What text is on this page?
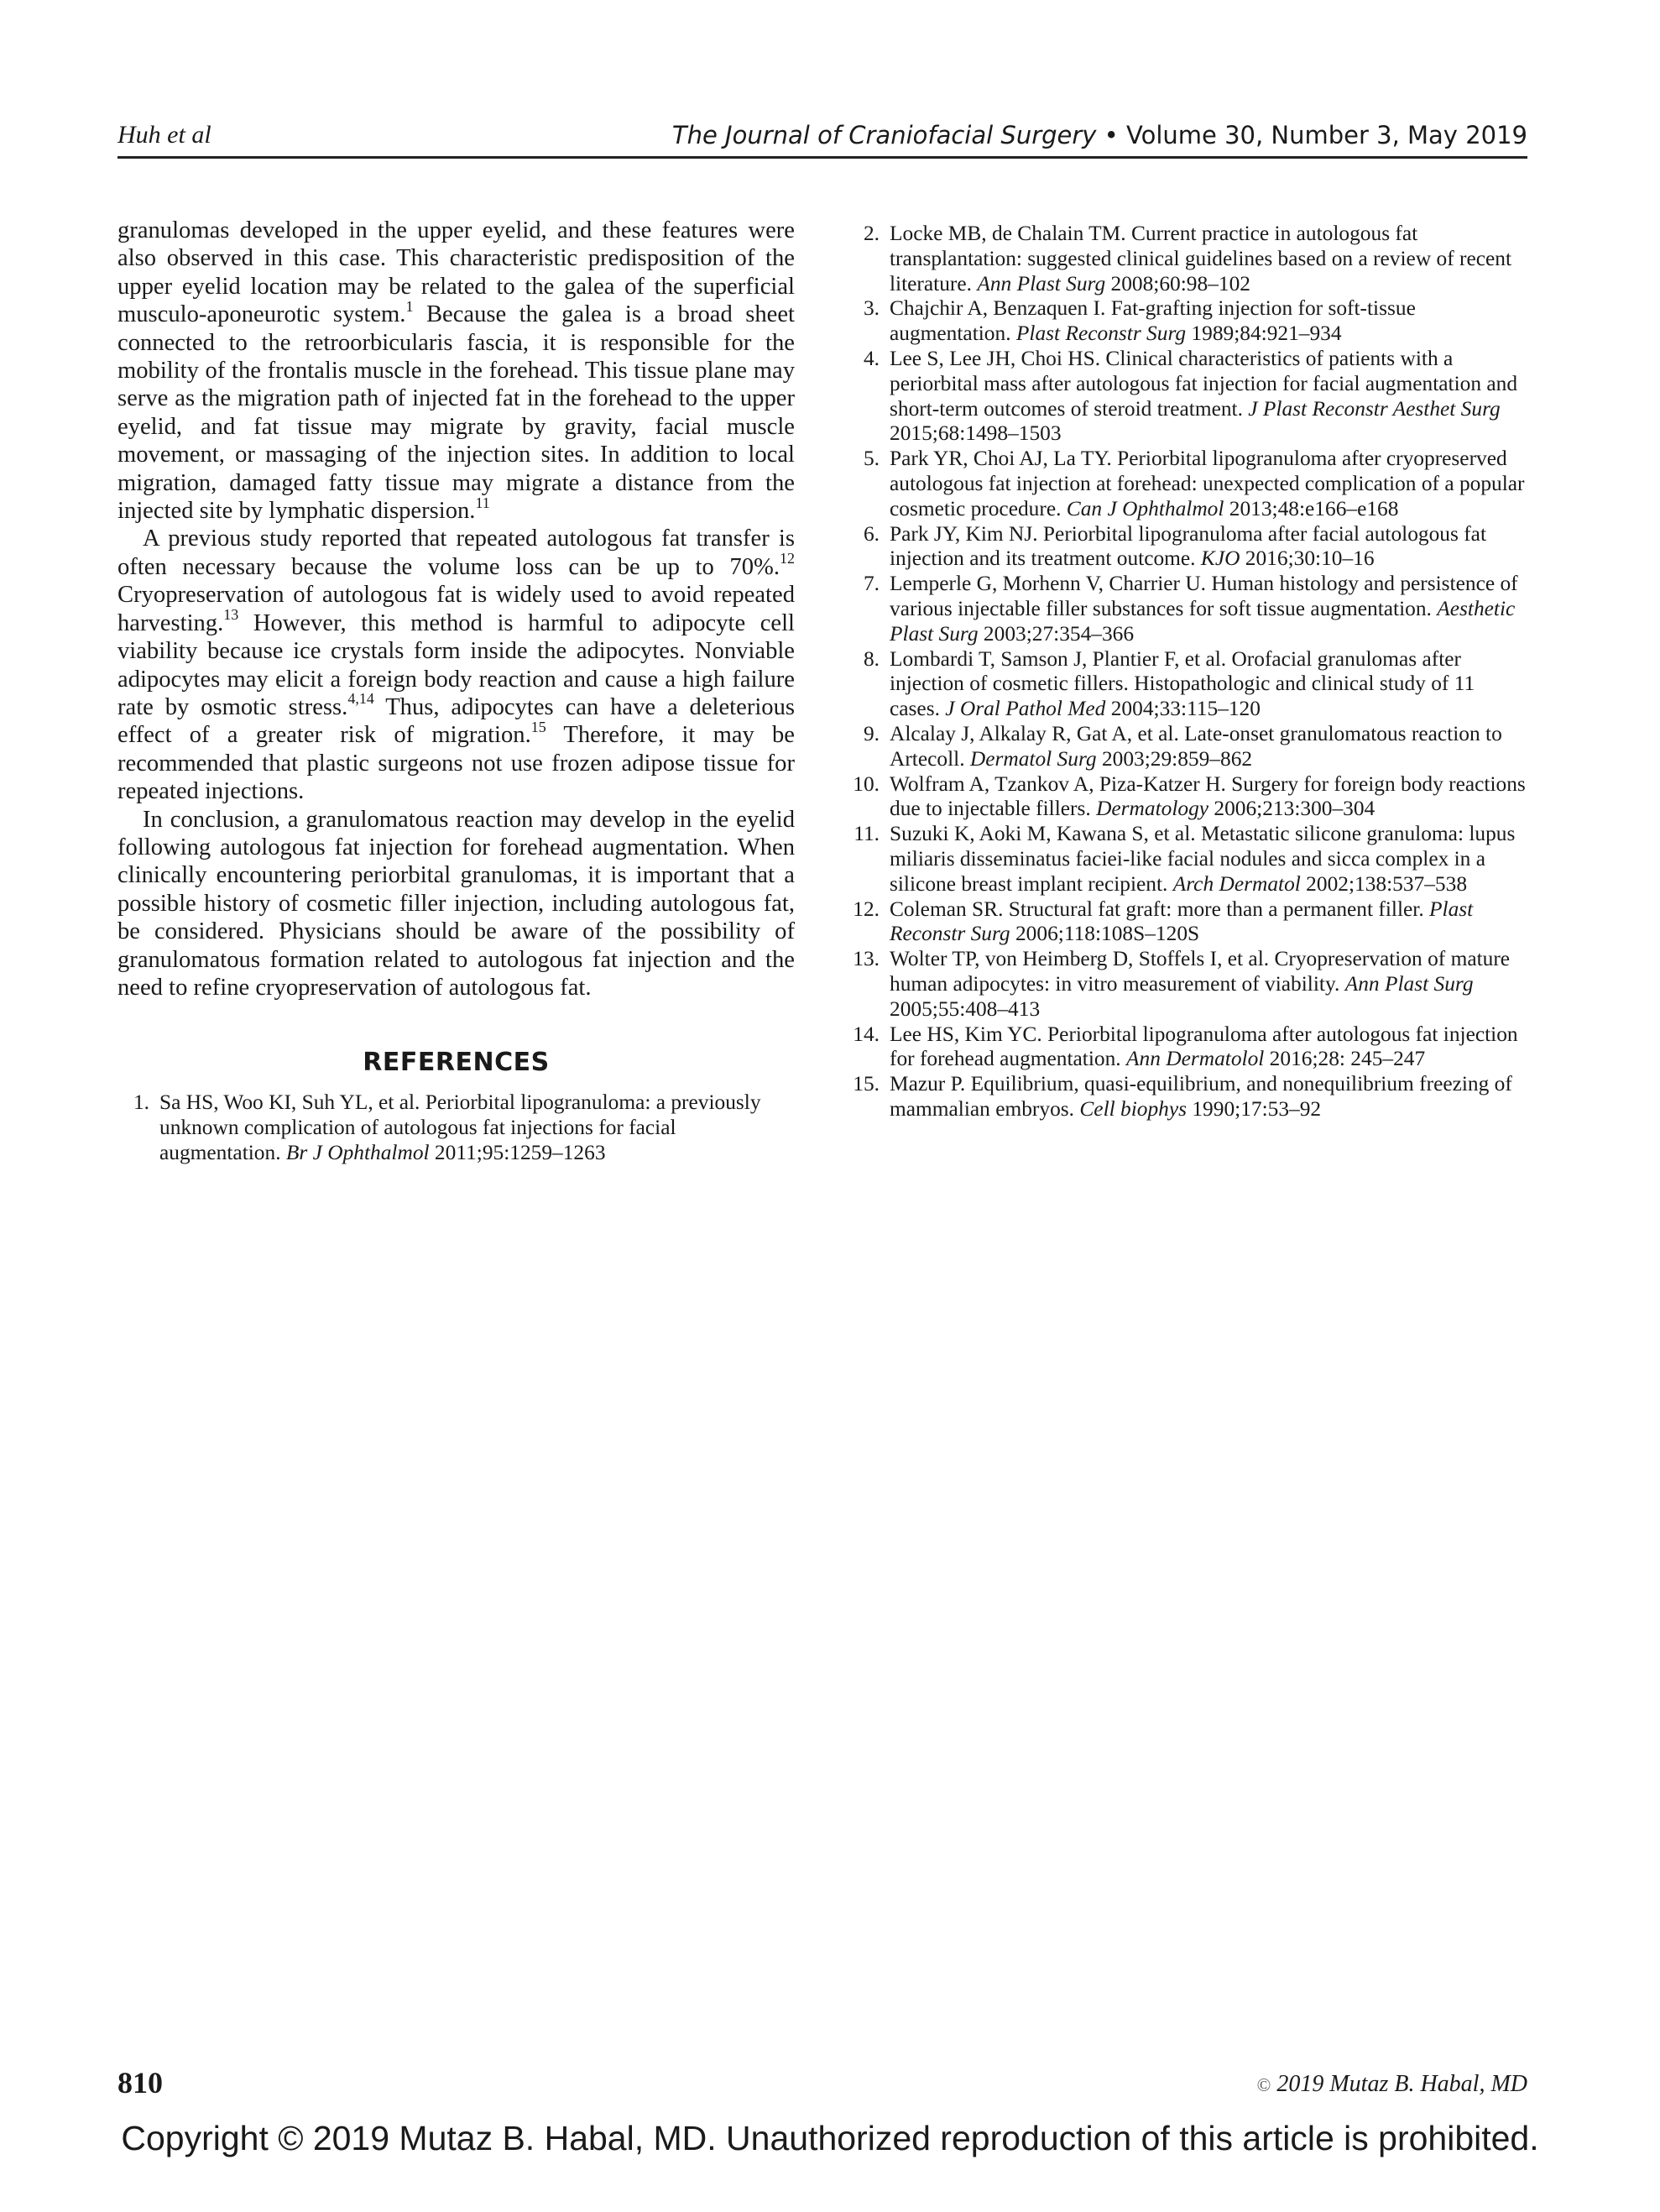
Huh et al	The Journal of Craniofacial Surgery • Volume 30, Number 3, May 2019

granulomas developed in the upper eyelid, and these features were also observed in this case. This characteristic predisposition of the upper eyelid location may be related to the galea of the superficial musculo-aponeurotic system.$^1$ Because the galea is a broad sheet connected to the retroorbicularis fascia, it is responsible for the mobility of the frontalis muscle in the forehead. This tissue plane may serve as the migration path of injected fat in the forehead to the upper eyelid, and fat tissue may migrate by gravity, facial muscle movement, or massaging of the injection sites. In addition to local migration, damaged fatty tissue may migrate a distance from the injected site by lymphatic dispersion.$^{11}$

A previous study reported that repeated autologous fat transfer is often necessary because the volume loss can be up to 70%.$^{12}$ Cryopreservation of autologous fat is widely used to avoid repeated harvesting.$^{13}$ However, this method is harmful to adipocyte cell viability because ice crystals form inside the adipocytes. Nonviable adipocytes may elicit a foreign body reaction and cause a high failure rate by osmotic stress.$^{4,14}$ Thus, adipocytes can have a deleterious effect of a greater risk of migration.$^{15}$ Therefore, it may be recommended that plastic surgeons not use frozen adipose tissue for repeated injections.

In conclusion, a granulomatous reaction may develop in the eyelid following autologous fat injection for forehead augmentation. When clinically encountering periorbital granulomas, it is important that a possible history of cosmetic filler injection, including autologous fat, be considered. Physicians should be aware of the possibility of granulomatous formation related to autologous fat injection and the need to refine cryopreservation of autologous fat.

REFERENCES
1. Sa HS, Woo KI, Suh YL, et al. Periorbital lipogranuloma: a previously unknown complication of autologous fat injections for facial augmentation. Br J Ophthalmol 2011;95:1259–1263
2. Locke MB, de Chalain TM. Current practice in autologous fat transplantation: suggested clinical guidelines based on a review of recent literature. Ann Plast Surg 2008;60:98–102
3. Chajchir A, Benzaquen I. Fat-grafting injection for soft-tissue augmentation. Plast Reconstr Surg 1989;84:921–934
4. Lee S, Lee JH, Choi HS. Clinical characteristics of patients with a periorbital mass after autologous fat injection for facial augmentation and short-term outcomes of steroid treatment. J Plast Reconstr Aesthet Surg 2015;68:1498–1503
5. Park YR, Choi AJ, La TY. Periorbital lipogranuloma after cryopreserved autologous fat injection at forehead: unexpected complication of a popular cosmetic procedure. Can J Ophthalmol 2013;48:e166–e168
6. Park JY, Kim NJ. Periorbital lipogranuloma after facial autologous fat injection and its treatment outcome. KJO 2016;30:10–16
7. Lemperle G, Morhenn V, Charrier U. Human histology and persistence of various injectable filler substances for soft tissue augmentation. Aesthetic Plast Surg 2003;27:354–366
8. Lombardi T, Samson J, Plantier F, et al. Orofacial granulomas after injection of cosmetic fillers. Histopathologic and clinical study of 11 cases. J Oral Pathol Med 2004;33:115–120
9. Alcalay J, Alkalay R, Gat A, et al. Late-onset granulomatous reaction to Artecoll. Dermatol Surg 2003;29:859–862
10. Wolfram A, Tzankov A, Piza-Katzer H. Surgery for foreign body reactions due to injectable fillers. Dermatology 2006;213:300–304
11. Suzuki K, Aoki M, Kawana S, et al. Metastatic silicone granuloma: lupus miliaris disseminatus faciei-like facial nodules and sicca complex in a silicone breast implant recipient. Arch Dermatol 2002;138:537–538
12. Coleman SR. Structural fat graft: more than a permanent filler. Plast Reconstr Surg 2006;118:108S–120S
13. Wolter TP, von Heimberg D, Stoffels I, et al. Cryopreservation of mature human adipocytes: in vitro measurement of viability. Ann Plast Surg 2005;55:408–413
14. Lee HS, Kim YC. Periorbital lipogranuloma after autologous fat injection for forehead augmentation. Ann Dermatolol 2016;28: 245–247
15. Mazur P. Equilibrium, quasi-equilibrium, and nonequilibrium freezing of mammalian embryos. Cell biophys 1990;17:53–92
810	© 2019 Mutaz B. Habal, MD
Copyright © 2019 Mutaz B. Habal, MD. Unauthorized reproduction of this article is prohibited.
